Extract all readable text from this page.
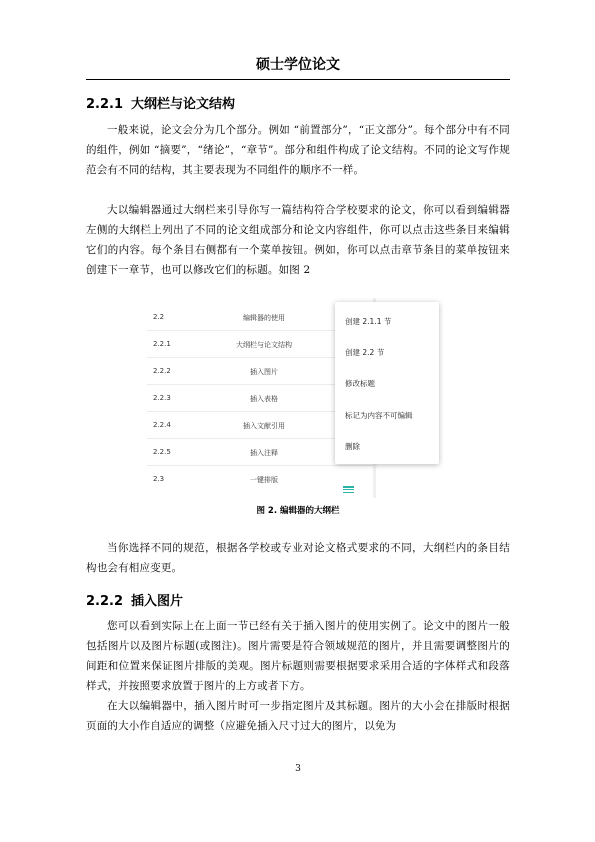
硕士学位论文
2.2.1 大纲栏与论文结构
一般来说，论文会分为几个部分。例如 “前置部分”，“正文部分”。每个部分中有不同的组件，例如 “摘要”，“绪论”，“章节”。部分和组件构成了论文结构。不同的论文写作规范会有不同的结构，其主要表现为不同组件的顺序不一样。
大以编辑器通过大纲栏来引导你写一篇结构符合学校要求的论文，你可以看到编辑器左侧的大纲栏上列出了不同的论文组成部分和论文内容组件，你可以点击这些条目来编辑它们的内容。每个条目右侧都有一个菜单按钮。例如，你可以点击章节条目的菜单按钮来创建下一章节，也可以修改它们的标题。如图 2
2.2	编辑器的使用
2.2.1	大纲栏与论文结构
2.2.2	插入图片
2.2.3	插入表格
2.2.4	插入文献引用
2.2.5	插入注释
2.3	一键排版
创建 2.1.1 节
创建 2.2 节
修改标题
标记为内容不可编辑
删除
图 2. 编辑器的大纲栏
当你选择不同的规范，根据各学校或专业对论文格式要求的不同，大纲栏内的条目结构也会有相应变更。
2.2.2 插入图片
您可以看到实际上在上面一节已经有关于插入图片的使用实例了。论文中的图片一般包括图片以及图片标题(或图注)。图片需要是符合领域规范的图片，并且需要调整图片的间距和位置来保证图片排版的美观。图片标题则需要根据要求采用合适的字体样式和段落样式，并按照要求放置于图片的上方或者下方。
在大以编辑器中，插入图片时可一步指定图片及其标题。图片的大小会在排版时根据页面的大小作自适应的调整（应避免插入尺寸过大的图片，以免为
3
